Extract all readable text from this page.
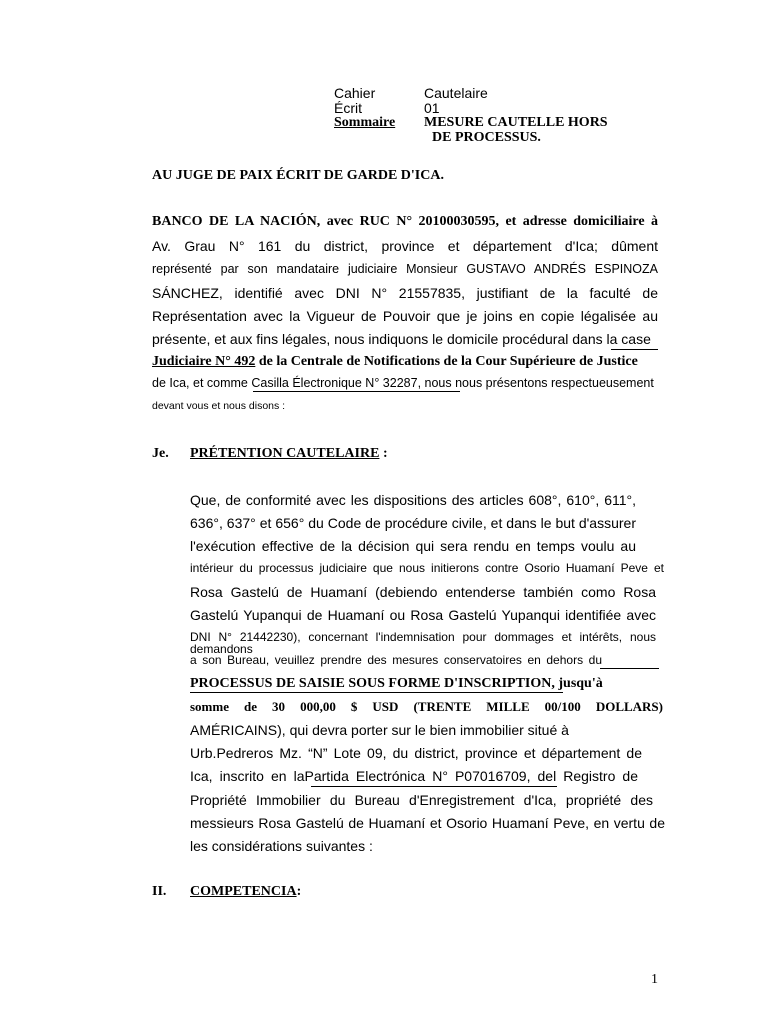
Cahier	Cautelaire
Écrit	01
Sommaire MESURE CAUTELLE HORS
DE PROCESSUS.
AU JUGE DE PAIX ÉCRIT DE GARDE D'ICA.
BANCO DE LA NACIÓN, avec RUC N° 20100030595, et adresse domiciliaire à
Av. Grau N° 161 du district, province et département d'Ica; dûment
représenté par son mandataire judiciaire Monsieur GUSTAVO ANDRÉS ESPINOZA
SÁNCHEZ, identifié avec DNI N° 21557835, justifiant de la faculté de
Représentation avec la Vigueur de Pouvoir que je joins en copie légalisée au
présente, et aux fins légales, nous indiquons le domicile procédural dans la case
Judiciaire N° 492 de la Centrale de Notifications de la Cour Supérieure de Justice
de Ica, et comme Casilla Électronique N° 32287, nous nous présentons respectueusement
devant vous et nous disons :
Je. PRÉTENTION CAUTELAIRE :
Que, de conformité avec les dispositions des articles 608°, 610°, 611°,
636°, 637° et 656° du Code de procédure civile, et dans le but d'assurer
l'exécution effective de la décision qui sera rendu en temps voulu au
intérieur du processus judiciaire que nous initierons contre Osorio Huamaní Peve et
Rosa Gastelú de Huamaní (debiendo entenderse también como Rosa
Gastelú Yupanqui de Huamaní ou Rosa Gastelú Yupanqui identifiée avec
DNI N° 21442230), concernant l'indemnisation pour dommages et intérêts, nous demandons
a son Bureau, veuillez prendre des mesures conservatoires en dehors du
PROCESSUS DE SAISIE SOUS FORME D'INSCRIPTION, jusqu'à
somme de 30 000,00 $ USD (TRENTE MILLE 00/100 DOLLARS)
AMÉRICAINS), qui devra porter sur le bien immobilier situé à
Urb.Pedreros Mz. “N” Lote 09, du district, province et département de
Ica, inscrito en laPartida Electrónica N° P07016709, del Registro de
Propriété Immobilier du Bureau d'Enregistrement d'Ica, propriété des
messieurs Rosa Gastelú de Huamaní et Osorio Huamaní Peve, en vertu de
les considérations suivantes :
II. COMPETENCIA:
1
